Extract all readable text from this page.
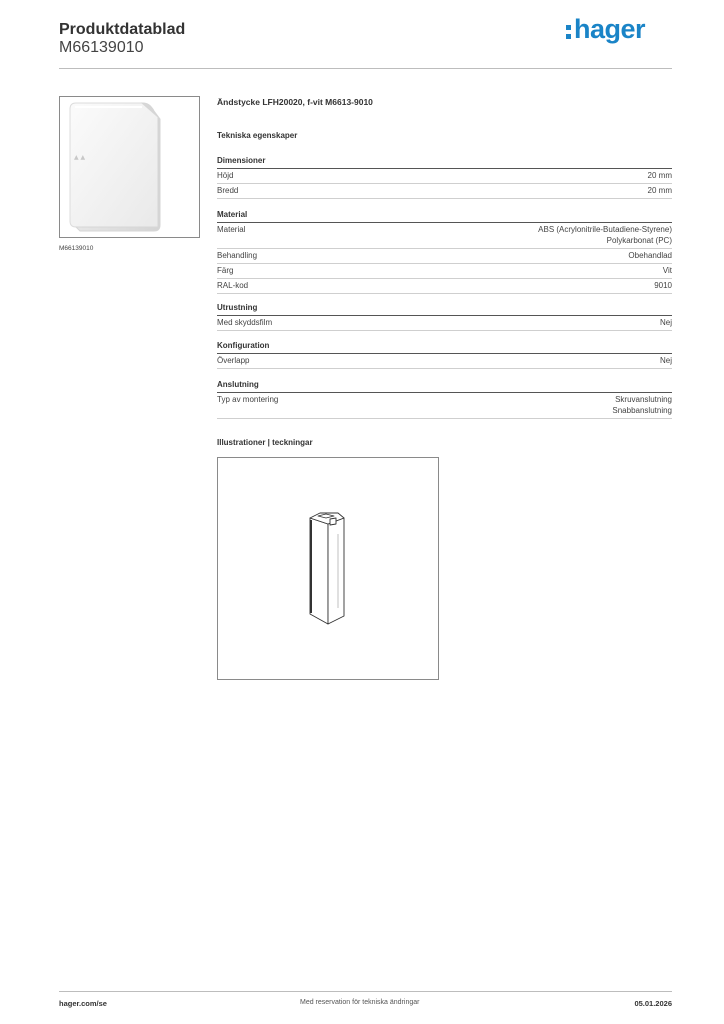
Produktdatablad
M66139010
hager
▲ ▲
M66139010
Ändstycke LFH20020, f-vit M6613-9010
Tekniska egenskaper
Dimensioner
Höjd	20 mm
Bredd	20 mm
Material
Material	ABS (Acrylonitrile-Butadiene-Styrene)
Polykarbonat (PC)
Behandling	Obehandlad
Färg	Vit
RAL-kod	9010
Utrustning
Med skyddsfilm	Nej
Konfiguration
Överlapp	Nej
Anslutning
Typ av montering	Skruvanslutning
Snabbanslutning
Illustrationer | teckningar
hager.com/se	Med reservation för tekniska ändringar	05.01.2026
